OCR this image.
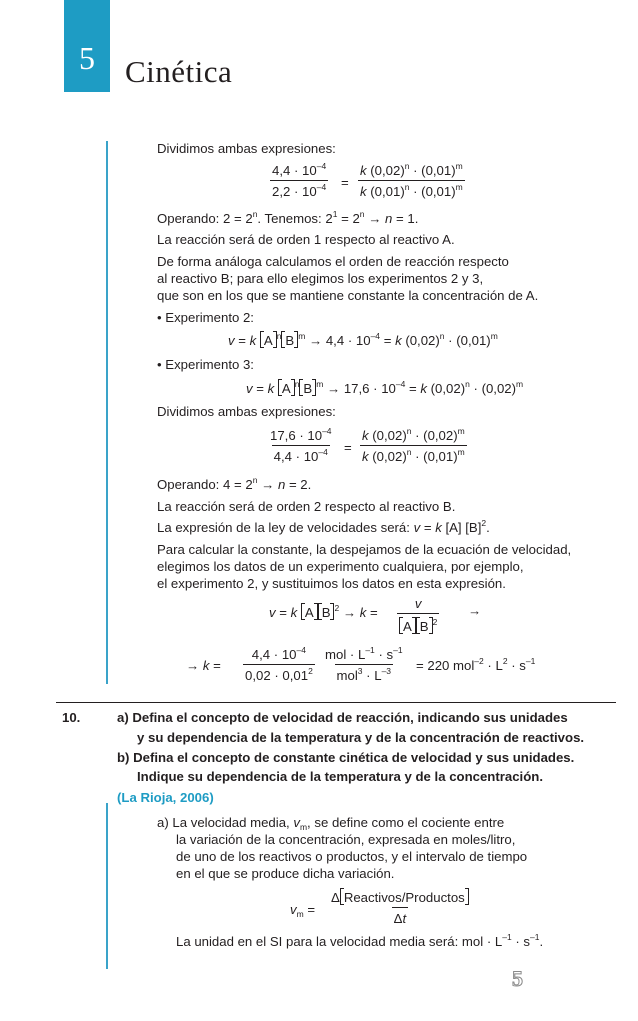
5 Cinética
Dividimos ambas expresiones:
$\frac{4,4 \cdot 10^{-4}}{2,2 \cdot 10^{-4}} = \frac{k (0,02)^n \cdot (0,01)^m}{k (0,01)^n \cdot (0,01)^m}$
Operando: $2 = 2^n$. Tenemos: $2^1 = 2^n \to n = 1$.
La reacción será de orden 1 respecto al reactivo A.
De forma análoga calculamos el orden de reacción respecto
al reactivo B; para ello elegimos los experimentos 2 y 3,
que son en los que se mantiene constante la concentración de A.
• Experimento 2:
v = k A $^n$ B $^m \to 4,4 \cdot 10^{-4} = k$ $(0,02)^n \cdot (0,01)^m$
• Experimento 3:
v = k A $^n$ B $^m \to 17,6 \cdot 10^{-4} = k$ $(0,02)^n \cdot (0,02)^m$
Dividimos ambas expresiones:
$\frac{17,6 \cdot 10^{-4}}{4,4 \cdot 10^{-4}} = \frac{k (0,02)^n \cdot (0,02)^m}{k (0,02)^n \cdot (0,01)^m}$
Operando: $4 = 2^n \to n = 2$.
La reacción será de orden 2 respecto al reactivo B.
La expresión de la ley de velocidades será: v = k [A] $[B]^2$.
Para calcular la constante, la despejamos de la ecuación de velocidad,
elegimos los datos de un experimento cualquiera, por ejemplo,
el experimento 2, y sustituimos los datos en esta expresión.
v = k A B $^2 \to k = \frac{v}{A B ^2}$ →
→ $k = \frac{4,4 \cdot 10^{-4}}{0,02 \cdot 0,01^2}$ mol · $L^{-1} \cdot s^{-1}$
$mol^3 \cdot L^{-3} = 220$ $mol^{-2} \cdot L^2 \cdot s^{-1}$
10.	a) Defina el concepto de velocidad de reacción, indicando sus unidades
y su dependencia de la temperatura y de la concentración de reactivos.
b) Defina el concepto de constante cinética de velocidad y sus unidades.
Indique su dependencia de la temperatura y de la concentración.
(La Rioja, 2006)
a) La velocidad media, $v_m$, se define como el cociente entre
la variación de la concentración, expresada en moles/litro,
de uno de los reactivos o productos, y el intervalo de tiempo
en el que se produce dicha variación.
$v_m$ =
Δ Reactivos/Productos
Δt
La unidad en el SI para la velocidad media será: mol · $L^{-1} \cdot s^{-1}$.
5
